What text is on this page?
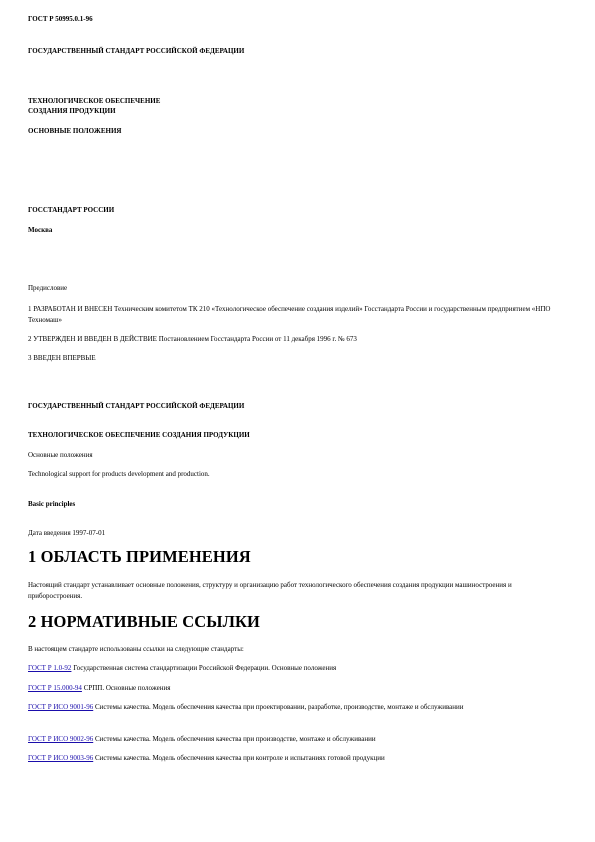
ГОСТ Р 50995.0.1-96
ГОСУДАРСТВЕННЫЙ СТАНДАРТ РОССИЙСКОЙ ФЕДЕРАЦИИ
ТЕХНОЛОГИЧЕСКОЕ ОБЕСПЕЧЕНИЕ
СОЗДАНИЯ ПРОДУКЦИИ
ОСНОВНЫЕ ПОЛОЖЕНИЯ
ГОССТАНДАРТ РОССИИ
Москва
Предисловие
1 РАЗРАБОТАН И ВНЕСЕН Техническим комитетом ТК 210 «Технологическое обеспечение создания изделий» Госстандарта России и государственным предприятием «НПО Техномаш»
2 УТВЕРЖДЕН И ВВЕДЕН В ДЕЙСТВИЕ Постановлением Госстандарта России от 11 декабря 1996 г. № 673
3 ВВЕДЕН ВПЕРВЫЕ
ГОСУДАРСТВЕННЫЙ СТАНДАРТ РОССИЙСКОЙ ФЕДЕРАЦИИ
ТЕХНОЛОГИЧЕСКОЕ ОБЕСПЕЧЕНИЕ СОЗДАНИЯ ПРОДУКЦИИ
Основные положения
Technological support for products development and production.
Basic principles
Дата введения 1997-07-01
1 ОБЛАСТЬ ПРИМЕНЕНИЯ
Настоящий стандарт устанавливает основные положения, структуру и организацию работ технологического обеспечения создания продукции машиностроения и приборостроения.
2 НОРМАТИВНЫЕ ССЫЛКИ
В настоящем стандарте использованы ссылки на следующие стандарты:
ГОСТ Р 1.0-92 Государственная система стандартизации Российской Федерации. Основные положения
ГОСТ Р 15.000-94 СРПП. Основные положения
ГОСТ Р ИСО 9001-96 Системы качества. Модель обеспечения качества при проектировании, разработке, производстве, монтаже и обслуживании
ГОСТ Р ИСО 9002-96 Системы качества. Модель обеспечения качества при производстве, монтаже и обслуживании
ГОСТ Р ИСО 9003-96 Системы качества. Модель обеспечения качества при контроле и испытаниях готовой продукции
